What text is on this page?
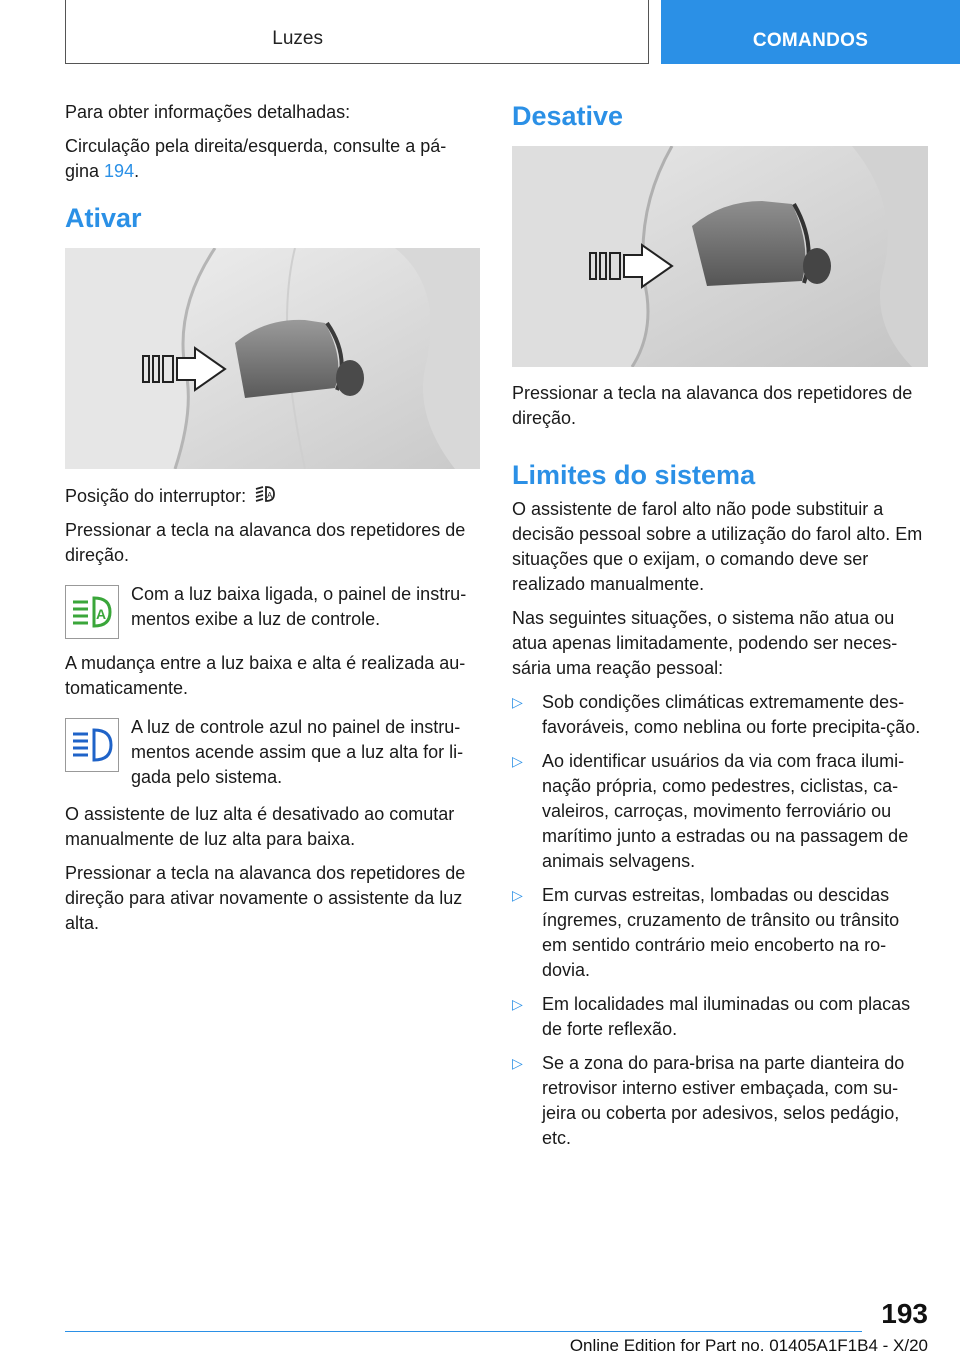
Luzes	COMANDOS

Para obter informações detalhadas:

Circulação pela direita/esquerda, consulte a pá-gina 194.

Ativar

Posição do interruptor:	A

Pressionar a tecla na alavanca dos repetidores de direção.

A

Com a luz baixa ligada, o painel de instru-mentos exibe a luz de controle.

A mudança entre a luz baixa e alta é realizada au-tomaticamente.

A luz de controle azul no painel de instru-mentos acende assim que a luz alta for li-gada pelo sistema.

O assistente de luz alta é desativado ao comutar manualmente de luz alta para baixa.

Pressionar a tecla na alavanca dos repetidores de direção para ativar novamente o assistente da luz alta.

Desative

Pressionar a tecla na alavanca dos repetidores de direção.

Limites do sistema

O assistente de farol alto não pode substituir a decisão pessoal sobre a utilização do farol alto. Em situações que o exijam, o comando deve ser realizado manualmente.

Nas seguintes situações, o sistema não atua ou atua apenas limitadamente, podendo ser neces-sária uma reação pessoal:

▷ Sob condições climáticas extremamente des-favoráveis, como neblina ou forte precipita-ção.
▷ Ao identificar usuários da via com fraca ilumi-nação própria, como pedestres, ciclistas, ca-valeiros, carroças, movimento ferroviário ou marítimo junto a estradas ou na passagem de animais selvagens.
▷ Em curvas estreitas, lombadas ou descidas íngremes, cruzamento de trânsito ou trânsito em sentido contrário meio encoberto na ro-dovia.
▷ Em localidades mal iluminadas ou com placas de forte reflexão.
▷ Se a zona do para-brisa na parte dianteira do retrovisor interno estiver embaçada, com su-jeira ou coberta por adesivos, selos pedágio, etc.
193
Online Edition for Part no. 01405A1F1B4 - X/20
